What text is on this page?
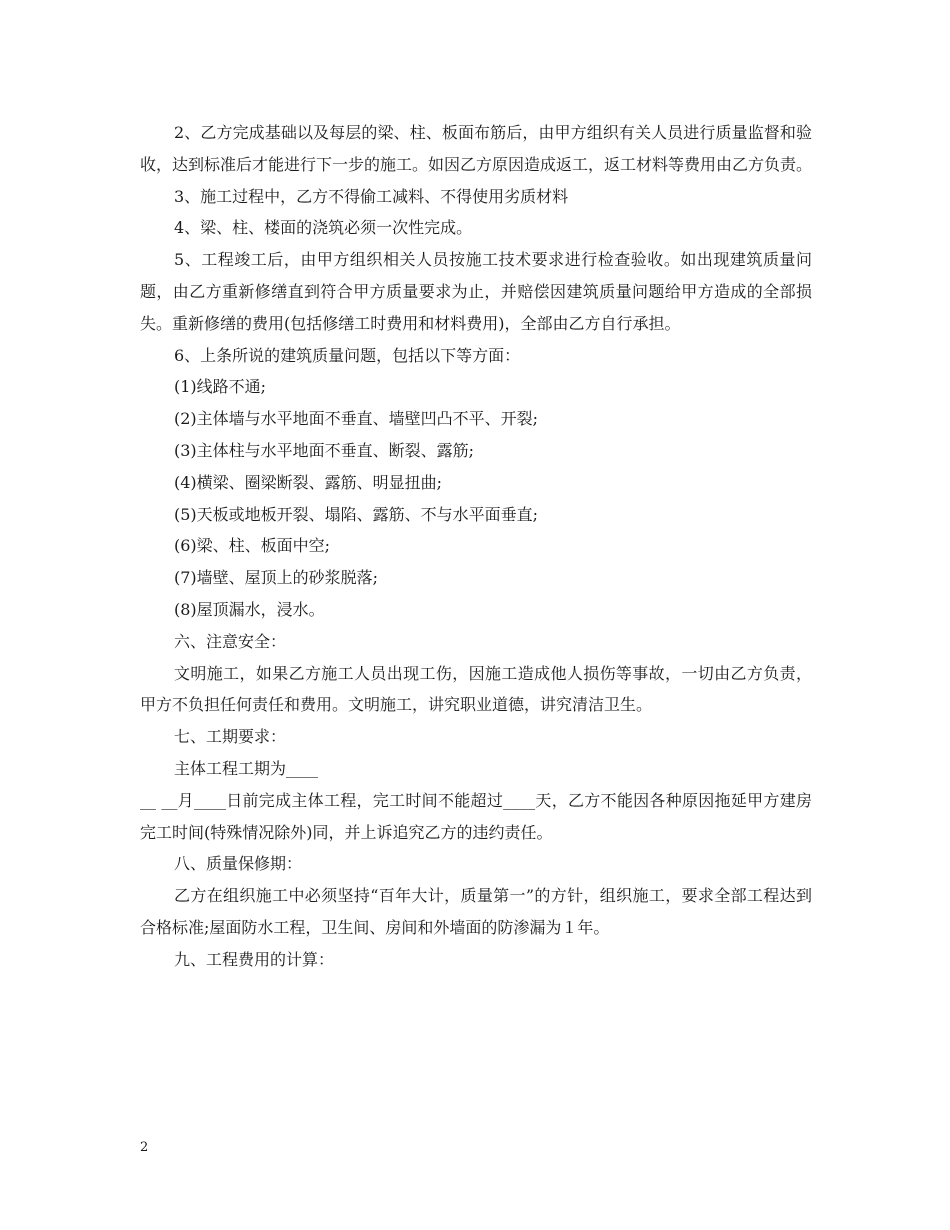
2、乙方完成基础以及每层的梁、柱、板面布筋后，由甲方组织有关人员进行质量监督和验收，达到标准后才能进行下一步的施工。如因乙方原因造成返工，返工材料等费用由乙方负责。

3、施工过程中，乙方不得偷工减料、不得使用劣质材料

4、梁、柱、楼面的浇筑必须一次性完成。

5、工程竣工后，由甲方组织相关人员按施工技术要求进行检查验收。如出现建筑质量问题，由乙方重新修缮直到符合甲方质量要求为止，并赔偿因建筑质量问题给甲方造成的全部损失。重新修缮的费用(包括修缮工时费用和材料费用)，全部由乙方自行承担。

6、上条所说的建筑质量问题，包括以下等方面：

(1)线路不通;

(2)主体墙与水平地面不垂直、墙壁凹凸不平、开裂;

(3)主体柱与水平地面不垂直、断裂、露筋;

(4)横梁、圈梁断裂、露筋、明显扭曲;

(5)天板或地板开裂、塌陷、露筋、不与水平面垂直;

(6)梁、柱、板面中空;

(7)墙壁、屋顶上的砂浆脱落;

(8)屋顶漏水，浸水。

六、注意安全：

文明施工，如果乙方施工人员出现工伤，因施工造成他人损伤等事故，一切由乙方负责，甲方不负担任何责任和费用。文明施工，讲究职业道德，讲究清洁卫生。

七、工期要求：

主体工程工期为____

__ __月____日前完成主体工程，完工时间不能超过____天，乙方不能因各种原因拖延甲方建房完工时间(特殊情况除外)同，并上诉追究乙方的违约责任。

八、质量保修期：

乙方在组织施工中必须坚持“百年大计，质量第一”的方针，组织施工，要求全部工程达到合格标准;屋面防水工程，卫生间、房间和外墙面的防渗漏为１年。

九、工程费用的计算：

2
